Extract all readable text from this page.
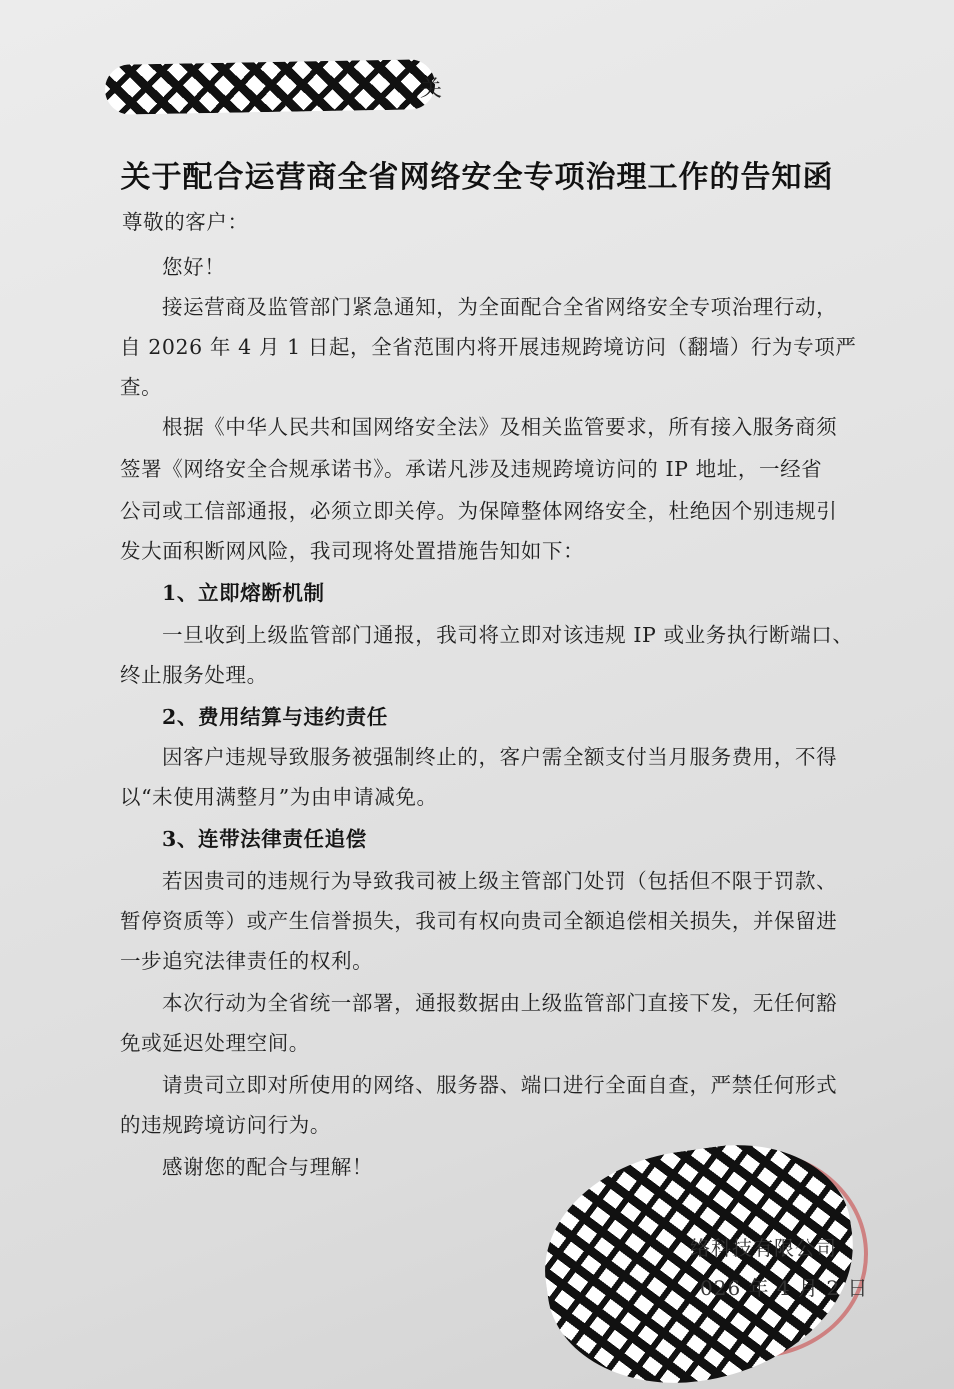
关
关于配合运营商全省网络安全专项治理工作的告知函
尊敬的客户：
您好！
接运营商及监管部门紧急通知，为全面配合全省网络安全专项治理行动，
自 2026 年 4 月 1 日起，全省范围内将开展违规跨境访问（翻墙）行为专项严
查。
根据《中华人民共和国网络安全法》及相关监管要求，所有接入服务商须
签署《网络安全合规承诺书》。承诺凡涉及违规跨境访问的 IP 地址，一经省
公司或工信部通报，必须立即关停。为保障整体网络安全，杜绝因个别违规引
发大面积断网风险，我司现将处置措施告知如下：
1、立即熔断机制
一旦收到上级监管部门通报，我司将立即对该违规 IP 或业务执行断端口、
终止服务处理。
2、费用结算与违约责任
因客户违规导致服务被强制终止的，客户需全额支付当月服务费用，不得
以“未使用满整月”为由申请减免。
3、连带法律责任追偿
若因贵司的违规行为导致我司被上级主管部门处罚（包括但不限于罚款、
暂停资质等）或产生信誉损失，我司有权向贵司全额追偿相关损失，并保留进
一步追究法律责任的权利。
本次行动为全省统一部署，通报数据由上级监管部门直接下发，无任何豁
免或延迟处理空间。
请贵司立即对所使用的网络、服务器、端口进行全面自查，严禁任何形式
的违规跨境访问行为。
感谢您的配合与理解！
络科技有限公司
026 年 4 月 2 日
